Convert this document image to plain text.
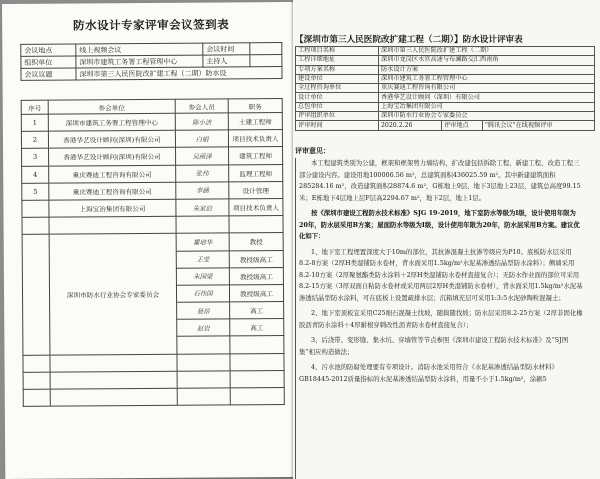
防水设计专家评审会议签到表
会议地点	线上视频会议	会议时间	
组织单位	深圳市建筑工务署工程管理中心	主持人	
会议议题	深圳市第三人民医院改扩建工程（二期）防水设		
序号	参会单位	参会人员	职务
1	深圳市建筑工务署工程管理中心	陈小洁	土建工程师
2	香港华艺设计顾问(深圳)有限公司	白娟	项目技术负责人
3	香港华艺设计顾问(深圳)有限公司	吴函泽	建筑工程师
4	重庆赛迪工程咨询有限公司	张伟	监理工程师
5	重庆赛迪工程咨询有限公司	李涵	设计管理
	上海宝冶集团有限公司	朱家启	项目技术负责人

	深圳市防水行业协会专家委员会	瞿培华	教授
		王莹	教授级高工
		朱国梁	教授级高工
		石伟国	教授级高工
		聂昂	高工
		赵岩	高工

【深圳市第三人民医院改扩建工程（二期）】防水设计评审表
工程项目名称	深圳市第三人民医院改扩建工程（二期）		
工程详细地址	深圳市龙岗区水官高速与布澜路交汇西南角		
专项方案名称	防水设计方案		
建设单位	深圳市建筑工务署工程管理中心		
全过程咨询单位	重庆赛迪工程咨询有限公司		
设计单位	香港华艺设计顾问（深圳）有限公司		
总包单位	上海宝冶集团有限公司		
评审组织单位	深圳市防水行业协会专家委员会		
评审时间	2020.2.26	评审地点	"腾讯会议"在线视频评审
评审意见：

本工程建筑类别为公建，框架和框架剪力墙结构，扩改建包括拆除工程、新建工程、改造工程三部分建设内容。建设用地100006.56 m²，总建筑面积436025.59 m²。其中新建建筑面积285284.16 m²，改造建筑面积28874.6 m²，G栋地上9层、地下3层地上23层，建筑总高度99.15米；E栋地下4层地上层F层高2294.67 m²，地下2层，地上1层。

按《深圳市建设工程防水技术标准》SJG 19-2019，地下室防水等级为Ⅰ级，设计使用年限为20年，防水层采用B方案；屋面防水等级为Ⅰ级，设计使用年限为20年，防水层采用B方案。建议优化如下：

1、地下室工程埋置深度大于10m的部位，其抗渗混凝土抗渗等级应为P10。底板防水层采用8.2-8方案（2厚H类湿铺防水卷材，背水面采用1.5kg/m²水泥基渗透结晶型防水涂料）；侧墙采用8.2-10方案（2厚聚氨酯类防水涂料＋2厚H类湿铺防水卷材直接复合）；无防水作业面的部位可采用8.2-15方案（3厚双面自粘防水卷材或采用两层2厚H类湿铺防水卷材），背水面采用1.5kg/m²水泥基渗透结晶型防水涂料，可在底板上设置疏排水层；沉箱填充层可采用1:3:5水泥砂陶粒混凝土；

2、地下室顶板宜采用C25细石混凝土找坡，随捣随找坡；防水层采用8.2-25方案（2厚非固化橡胶沥青防水涂料＋4厚耐根穿刺改性沥青防水卷材直接复合）；

3、后浇带、变形缝、集水坑、穿墙管等节点参照《深圳市建设工程防水技术标准》及“SJ图集”相应构造做法；

4、污水池的防腐处理要有专项设计。消防水池采用符合《水泥基渗透结晶型防水材料》GB18445-2012质量指标的水泥基渗透结晶型防水涂料，用量不小于1.5kg/m²，涂刷5
